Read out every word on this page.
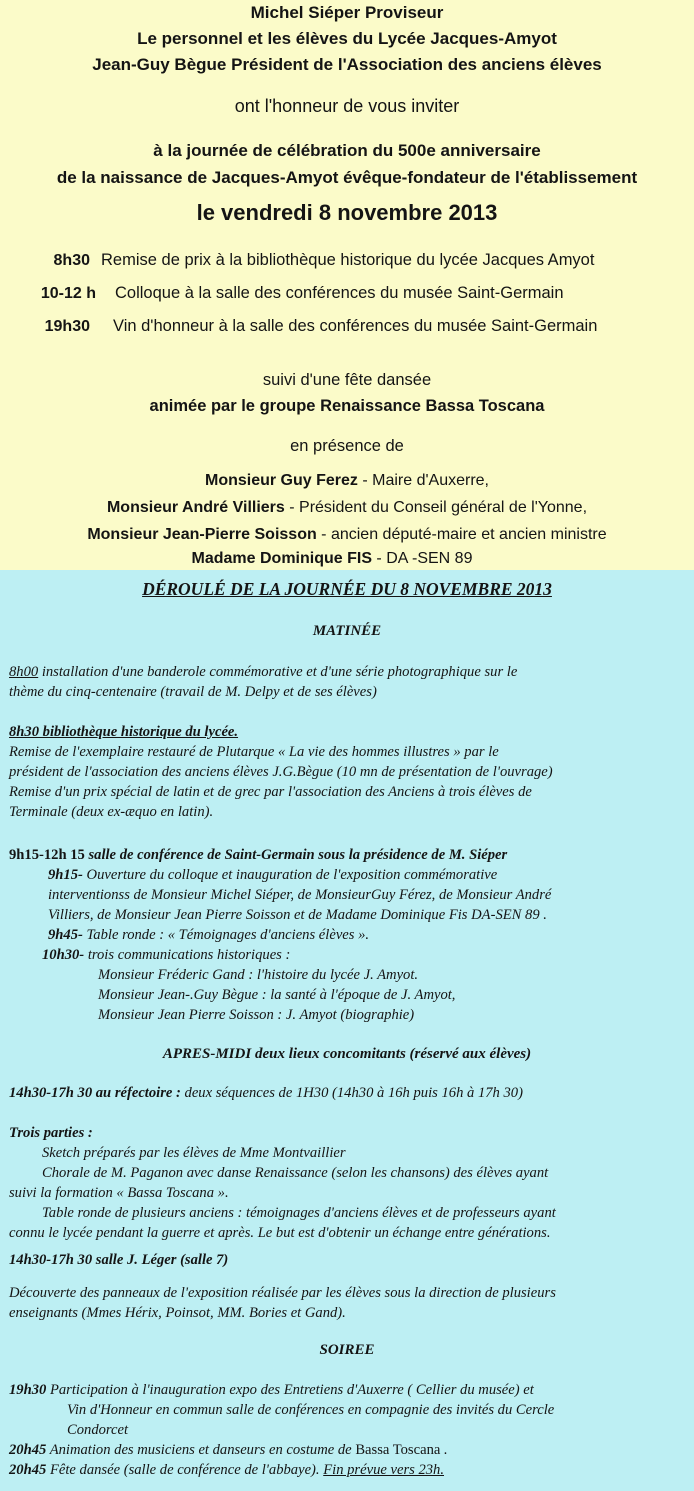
Michel Siéper Proviseur
Le personnel et les élèves du Lycée Jacques-Amyot
Jean-Guy Bègue Président de l'Association des anciens élèves
ont l'honneur de vous inviter
à la journée de célébration du 500e anniversaire
de la naissance de Jacques-Amyot évêque-fondateur de l'établissement
le vendredi 8 novembre 2013
8h30 Remise de prix à la bibliothèque historique du lycée Jacques Amyot
10-12 h Colloque à la salle des conférences du musée Saint-Germain
19h30 Vin d'honneur à la salle des conférences du musée Saint-Germain
suivi d'une fête dansée
animée par le groupe Renaissance Bassa Toscana
en présence de
Monsieur Guy Ferez - Maire d'Auxerre,
Monsieur André Villiers - Président du Conseil général de l'Yonne,
Monsieur Jean-Pierre Soisson - ancien député-maire et ancien ministre
Madame Dominique FIS - DA -SEN 89
DÉROULÉ DE LA JOURNÉE DU 8 NOVEMBRE 2013
MATINÉE
8h00 installation d'une banderole commémorative et d'une série photographique sur le
thème du cinq-centenaire (travail de M. Delpy et de ses élèves)
8h30 bibliothèque historique du lycée.
Remise de l'exemplaire restauré de Plutarque « La vie des hommes illustres » par le
président de l'association des anciens élèves J.G.Bègue (10 mn de présentation de l'ouvrage)
Remise d'un prix spécial de latin et de grec par l'association des Anciens à trois élèves de
Terminale (deux ex-æquo en latin).
9h15-12h 15 salle de conférence de Saint-Germain sous la présidence de M. Siéper
9h15- Ouverture du colloque et inauguration de l'exposition commémorative
interventionss de Monsieur Michel Siéper, de MonsieurGuy Férez, de Monsieur André
Villiers, de Monsieur Jean Pierre Soisson et de Madame Dominique Fis DA-SEN 89 .
9h45- Table ronde : « Témoignages d'anciens élèves ».
10h30- trois communications historiques :
Monsieur Fréderic Gand : l'histoire du lycée J. Amyot.
Monsieur Jean-.Guy Bègue : la santé à l'époque de J. Amyot,
Monsieur Jean Pierre Soisson : J. Amyot (biographie)
APRES-MIDI deux lieux concomitants (réservé aux élèves)
14h30-17h 30 au réfectoire : deux séquences de 1H30 (14h30 à 16h puis 16h à 17h 30)
Trois parties :
Sketch préparés par les élèves de Mme Montvaillier
Chorale de M. Paganon avec danse Renaissance (selon les chansons) des élèves ayant
suivi la formation « Bassa Toscana ».
Table ronde de plusieurs anciens : témoignages d'anciens élèves et de professeurs ayant
connu le lycée pendant la guerre et après. Le but est d'obtenir un échange entre générations.
14h30-17h 30 salle J. Léger (salle 7)
Découverte des panneaux de l'exposition réalisée par les élèves sous la direction de plusieurs
enseignants (Mmes Hérix, Poinsot, MM. Bories et Gand).
SOIREE
19h30 Participation à l'inauguration expo des Entretiens d'Auxerre ( Cellier du musée) et
Vin d'Honneur en commun salle de conférences en compagnie des invités du Cercle
Condorcet
20h45 Animation des musiciens et danseurs en costume de Bassa Toscana .
20h45 Fête dansée (salle de conférence de l'abbaye). Fin prévue vers 23h.
